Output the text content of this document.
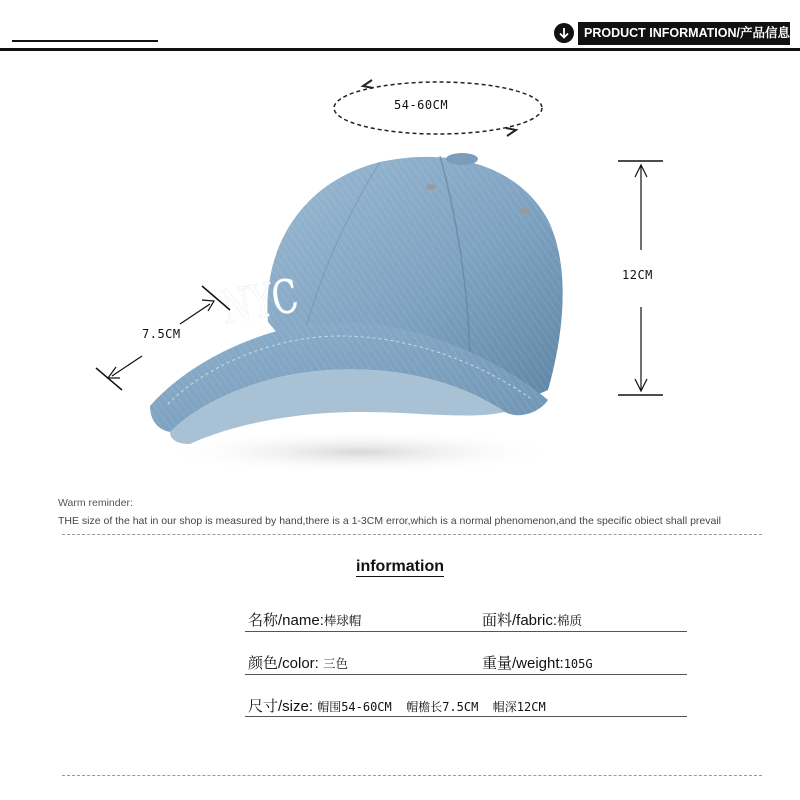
PRODUCT INFORMATION/产品信息
NYC
54-60CM
7.5CM
12CM
Warm reminder:
THE size of the hat in our shop is measured by hand,there is a 1-3CM error,which is a normal phenomenon,and the specific obiect shall prevail
information
名称/name:棒球帽	面料/fabric:棉质
颜色/color: 三色	重量/weight:105G
尺寸/size: 帽围54-60CM  帽檐长7.5CM  帽深12CM
